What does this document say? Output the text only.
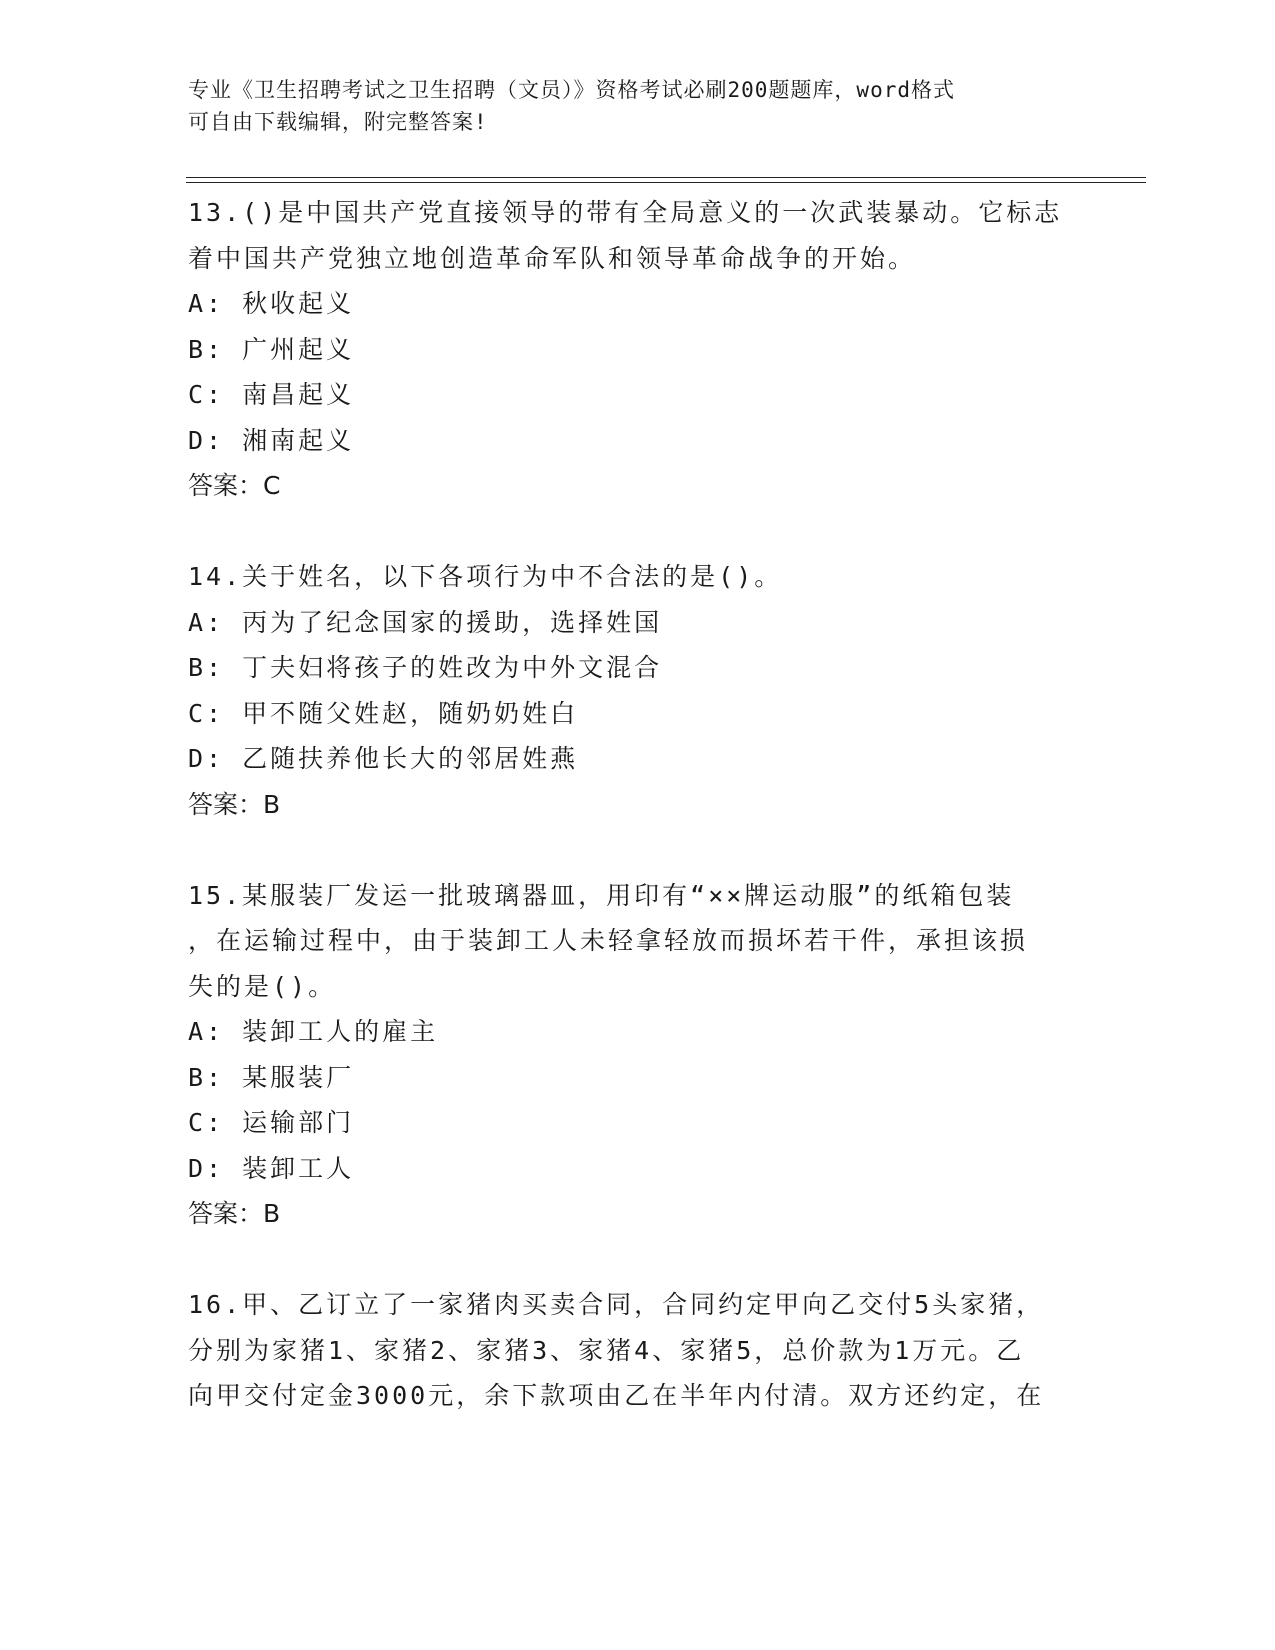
专业《卫生招聘考试之卫生招聘（文员）》资格考试必刷200题题库，word格式
可自由下载编辑，附完整答案!
13.()是中国共产党直接领导的带有全局意义的一次武装暴动。它标志
着中国共产党独立地创造革命军队和领导革命战争的开始。
A: 秋收起义
B: 广州起义
C: 南昌起义
D: 湘南起义
答案：C
14.关于姓名，以下各项行为中不合法的是()。
A: 丙为了纪念国家的援助，选择姓国
B: 丁夫妇将孩子的姓改为中外文混合
C: 甲不随父姓赵，随奶奶姓白
D: 乙随扶养他长大的邻居姓燕
答案：B
15.某服装厂发运一批玻璃器皿，用印有“××牌运动服”的纸箱包装
，在运输过程中，由于装卸工人未轻拿轻放而损坏若干件，承担该损
失的是()。
A: 装卸工人的雇主
B: 某服装厂
C: 运输部门
D: 装卸工人
答案：B
16.甲、乙订立了一家猪肉买卖合同，合同约定甲向乙交付5头家猪，
分别为家猪1、家猪2、家猪3、家猪4、家猪5，总价款为1万元。乙
向甲交付定金3000元，余下款项由乙在半年内付清。双方还约定，在
